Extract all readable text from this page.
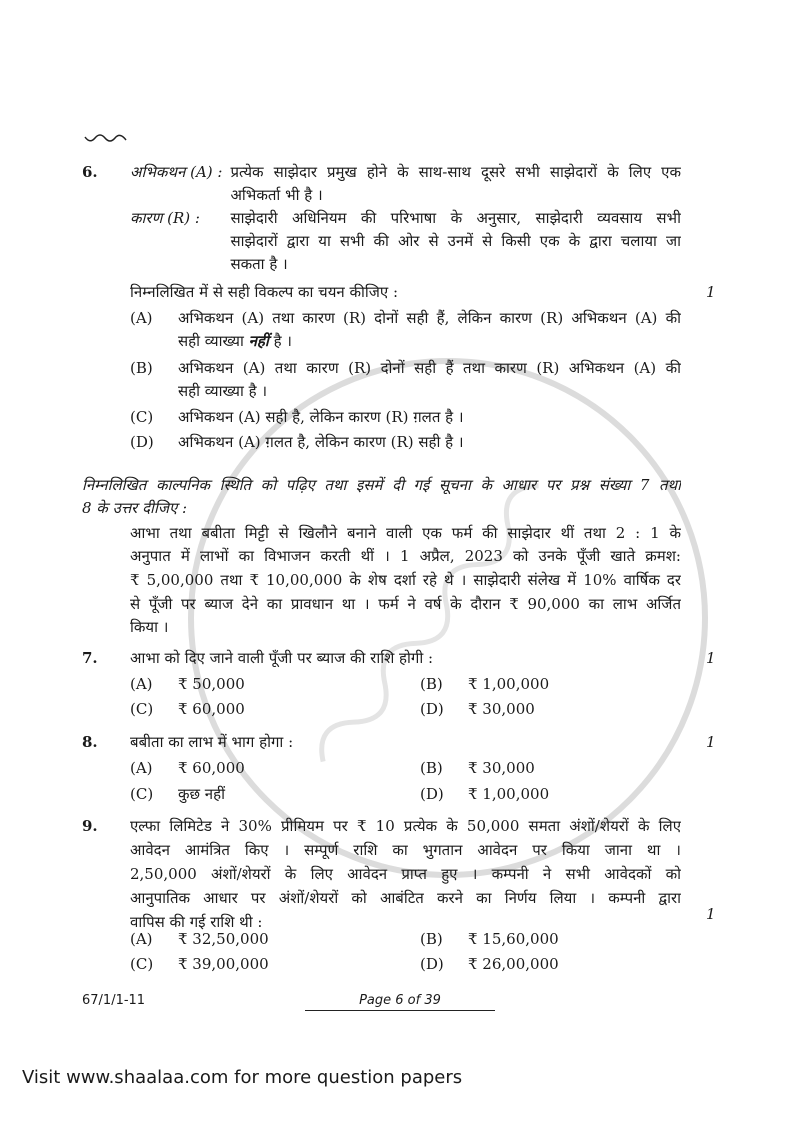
6. अभिकथन (A) : प्रत्येक साझेदार प्रमुख होने के साथ-साथ दूसरे सभी साझेदारों के लिए एक
अभिकर्ता भी है ।
कारण (R) :	साझेदारी अधिनियम की परिभाषा के अनुसार, साझेदारी व्यवसाय सभी
साझेदारों द्वारा या सभी की ओर से उनमें से किसी एक के द्वारा चलाया जा
सकता है ।
निम्नलिखित में से सही विकल्प का चयन कीजिए :	1
(A) अभिकथन (A) तथा कारण (R) दोनों सही हैं, लेकिन कारण (R) अभिकथन (A) की
सही व्याख्या नहीं है ।
(B) अभिकथन (A) तथा कारण (R) दोनों सही हैं तथा कारण (R) अभिकथन (A) की
सही व्याख्या है ।
(C) अभिकथन (A) सही है, लेकिन कारण (R) ग़लत है ।
(D) अभिकथन (A) ग़लत है, लेकिन कारण (R) सही है ।
निम्नलिखित काल्पनिक स्थिति को पढ़िए तथा इसमें दी गई सूचना के आधार पर प्रश्न संख्या 7 तथा
8 के उत्तर दीजिए :
आभा तथा बबीता मिट्टी से खिलौने बनाने वाली एक फर्म की साझेदार थीं तथा 2 : 1 के
अनुपात में लाभों का विभाजन करती थीं । 1 अप्रैल, 2023 को उनके पूँजी खाते क्रमश:
₹ 5,00,000 तथा ₹ 10,00,000 के शेष दर्शा रहे थे । साझेदारी संलेख में 10% वार्षिक दर
से पूँजी पर ब्याज देने का प्रावधान था । फर्म ने वर्ष के दौरान ₹ 90,000 का लाभ अर्जित
किया ।
7. आभा को दिए जाने वाली पूँजी पर ब्याज की राशि होगी :	1
(A) ₹ 50,000	(B) ₹ 1,00,000
(C) ₹ 60,000	(D) ₹ 30,000
8. बबीता का लाभ में भाग होगा :	1
(A) ₹ 60,000	(B) ₹ 30,000
(C) कुछ नहीं	(D) ₹ 1,00,000
9. एल्फा लिमिटेड ने 30% प्रीमियम पर ₹ 10 प्रत्येक के 50,000 समता अंशों/शेयरों के लिए
आवेदन आमंत्रित किए । सम्पूर्ण राशि का भुगतान आवेदन पर किया जाना था ।
2,50,000 अंशों/शेयरों के लिए आवेदन प्राप्त हुए । कम्पनी ने सभी आवेदकों को
आनुपातिक आधार पर अंशों/शेयरों को आबंटित करने का निर्णय लिया । कम्पनी द्वारा
वापिस की गई राशि थी :	1
(A) ₹ 32,50,000	(B) ₹ 15,60,000
(C) ₹ 39,00,000	(D) ₹ 26,00,000
67/1/1-11	Page 6 of 39
Visit www.shaalaa.com for more question papers
